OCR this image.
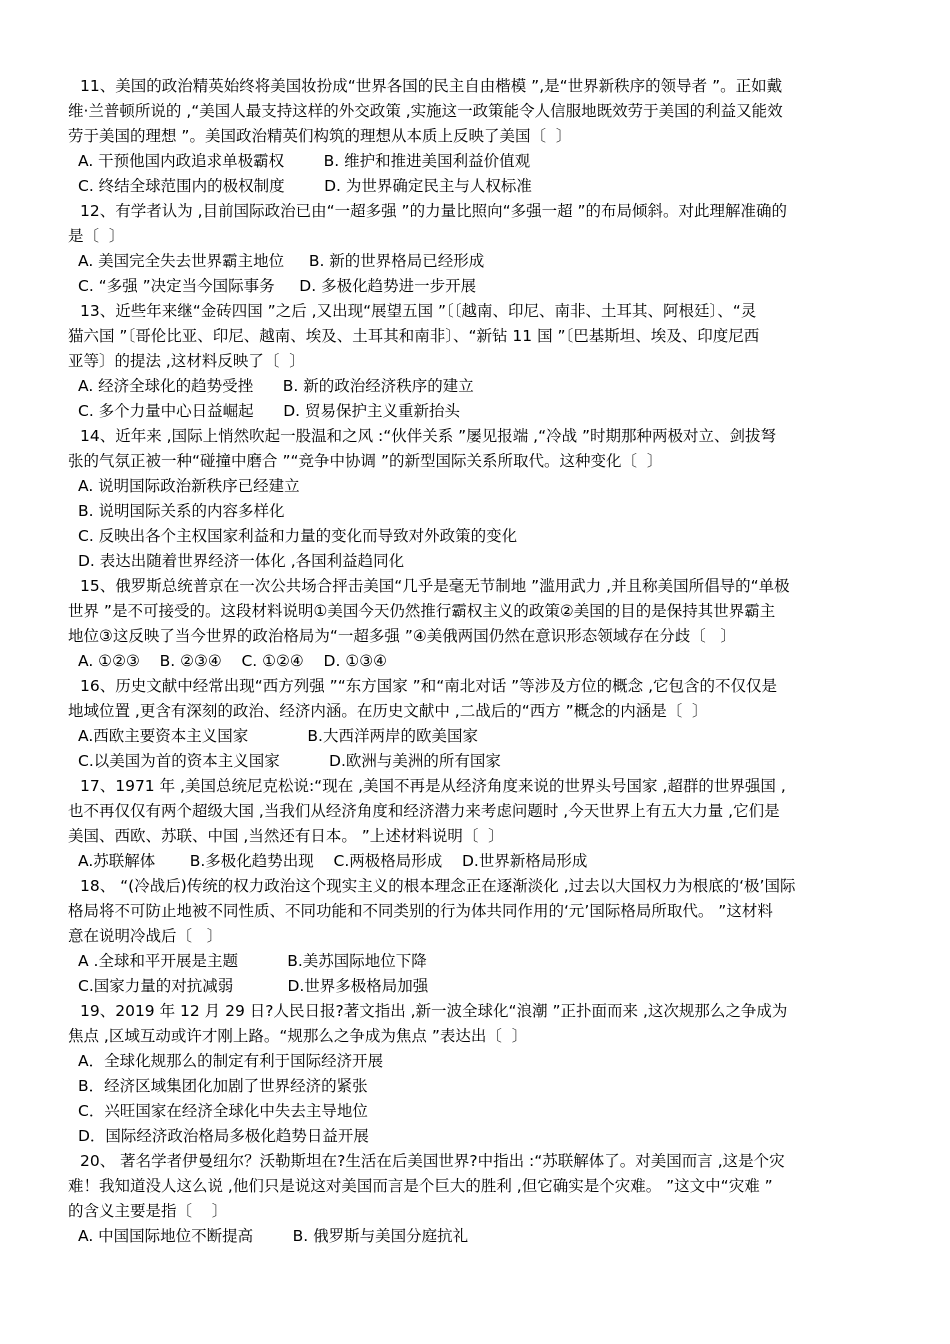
11、美国的政治精英始终将美国妆扮成“世界各国的民主自由楷模 ”,是“世界新秩序的领导者 ”。正如戴
维·兰普顿所说的 ,“美国人最支持这样的外交政策 ,实施这一政策能令人信服地既效劳于美国的利益又能效
劳于美国的理想 ”。美国政治精英们构筑的理想从本质上反映了美国〔  〕
A. 干预他国内政追求单极霸权        B. 维护和推进美国利益价值观
C. 终结全球范围内的极权制度        D. 为世界确定民主与人权标准
12、有学者认为 ,目前国际政治已由“一超多强 ”的力量比照向“多强一超 ”的布局倾斜。对此理解准确的
是〔  〕
A. 美国完全失去世界霸主地位     B. 新的世界格局已经形成
C. “多强 ”决定当今国际事务     D. 多极化趋势进一步开展
13、近些年来继“金砖四国 ”之后 ,又出现“展望五国 ”〔〔越南、印尼、南非、土耳其、阿根廷〕、“灵
猫六国 ”〔哥伦比亚、印尼、越南、埃及、土耳其和南非〕、“新钻 11 国 ”〔巴基斯坦、埃及、印度尼西
亚等〕的提法 ,这材料反映了〔  〕
A. 经济全球化的趋势受挫      B. 新的政治经济秩序的建立
C. 多个力量中心日益崛起      D. 贸易保护主义重新抬头
14、近年来 ,国际上悄然吹起一股温和之风 :“伙伴关系 ”屡见报端 ,“冷战 ”时期那种两极对立、剑拔弩
张的气氛正被一种“碰撞中磨合 ”“竞争中协调 ”的新型国际关系所取代。这种变化〔  〕
A. 说明国际政治新秩序已经建立
B. 说明国际关系的内容多样化
C. 反映出各个主权国家利益和力量的变化而导致对外政策的变化
D. 表达出随着世界经济一体化 ,各国利益趋同化
15、俄罗斯总统普京在一次公共场合抨击美国“几乎是毫无节制地 ”滥用武力 ,并且称美国所倡导的“单极
世界 ”是不可接受的。这段材料说明①美国今天仍然推行霸权主义的政策②美国的目的是保持其世界霸主
地位③这反映了当今世界的政治格局为“一超多强 ”④美俄两国仍然在意识形态领域存在分歧〔   〕
A. ①②③    B. ②③④    C. ①②④    D. ①③④
16、历史文献中经常出现“西方列强 ”“东方国家 ”和“南北对话 ”等涉及方位的概念 ,它包含的不仅仅是
地域位置 ,更含有深刻的政治、经济内涵。在历史文献中 ,二战后的“西方 ”概念的内涵是〔  〕
A.西欧主要资本主义国家            B.大西洋两岸的欧美国家
C.以美国为首的资本主义国家          D.欧洲与美洲的所有国家
17、1971 年 ,美国总统尼克松说:“现在 ,美国不再是从经济角度来说的世界头号国家 ,超群的世界强国 ,
也不再仅仅有两个超级大国 ,当我们从经济角度和经济潜力来考虑问题时 ,今天世界上有五大力量 ,它们是
美国、西欧、苏联、中国 ,当然还有日本。 ”上述材料说明〔  〕
A.苏联解体       B.多极化趋势出现    C.两极格局形成    D.世界新格局形成
18、 “(冷战后)传统的权力政治这个现实主义的根本理念正在逐渐淡化 ,过去以大国权力为根底的‘极’国际
格局将不可防止地被不同性质、不同功能和不同类别的行为体共同作用的‘元’国际格局所取代。 ”这材料
意在说明冷战后〔   〕
A .全球和平开展是主题          B.美苏国际地位下降
C.国家力量的对抗减弱           D.世界多极格局加强
19、2019 年 12 月 29 日?人民日报?著文指出 ,新一波全球化“浪潮 ”正扑面而来 ,这次规那么之争成为
焦点 ,区域互动或许才刚上路。“规那么之争成为焦点 ”表达出〔  〕
A．全球化规那么的制定有利于国际经济开展
B．经济区域集团化加剧了世界经济的紧张
C．兴旺国家在经济全球化中失去主导地位
D．国际经济政治格局多极化趋势日益开展
20、 著名学者伊曼纽尔？沃勒斯坦在?生活在后美国世界?中指出 :“苏联解体了。对美国而言 ,这是个灾
难！我知道没人这么说 ,他们只是说这对美国而言是个巨大的胜利 ,但它确实是个灾难。 ”这文中“灾难 ”
的含义主要是指〔    〕
A. 中国国际地位不断提高        B. 俄罗斯与美国分庭抗礼
